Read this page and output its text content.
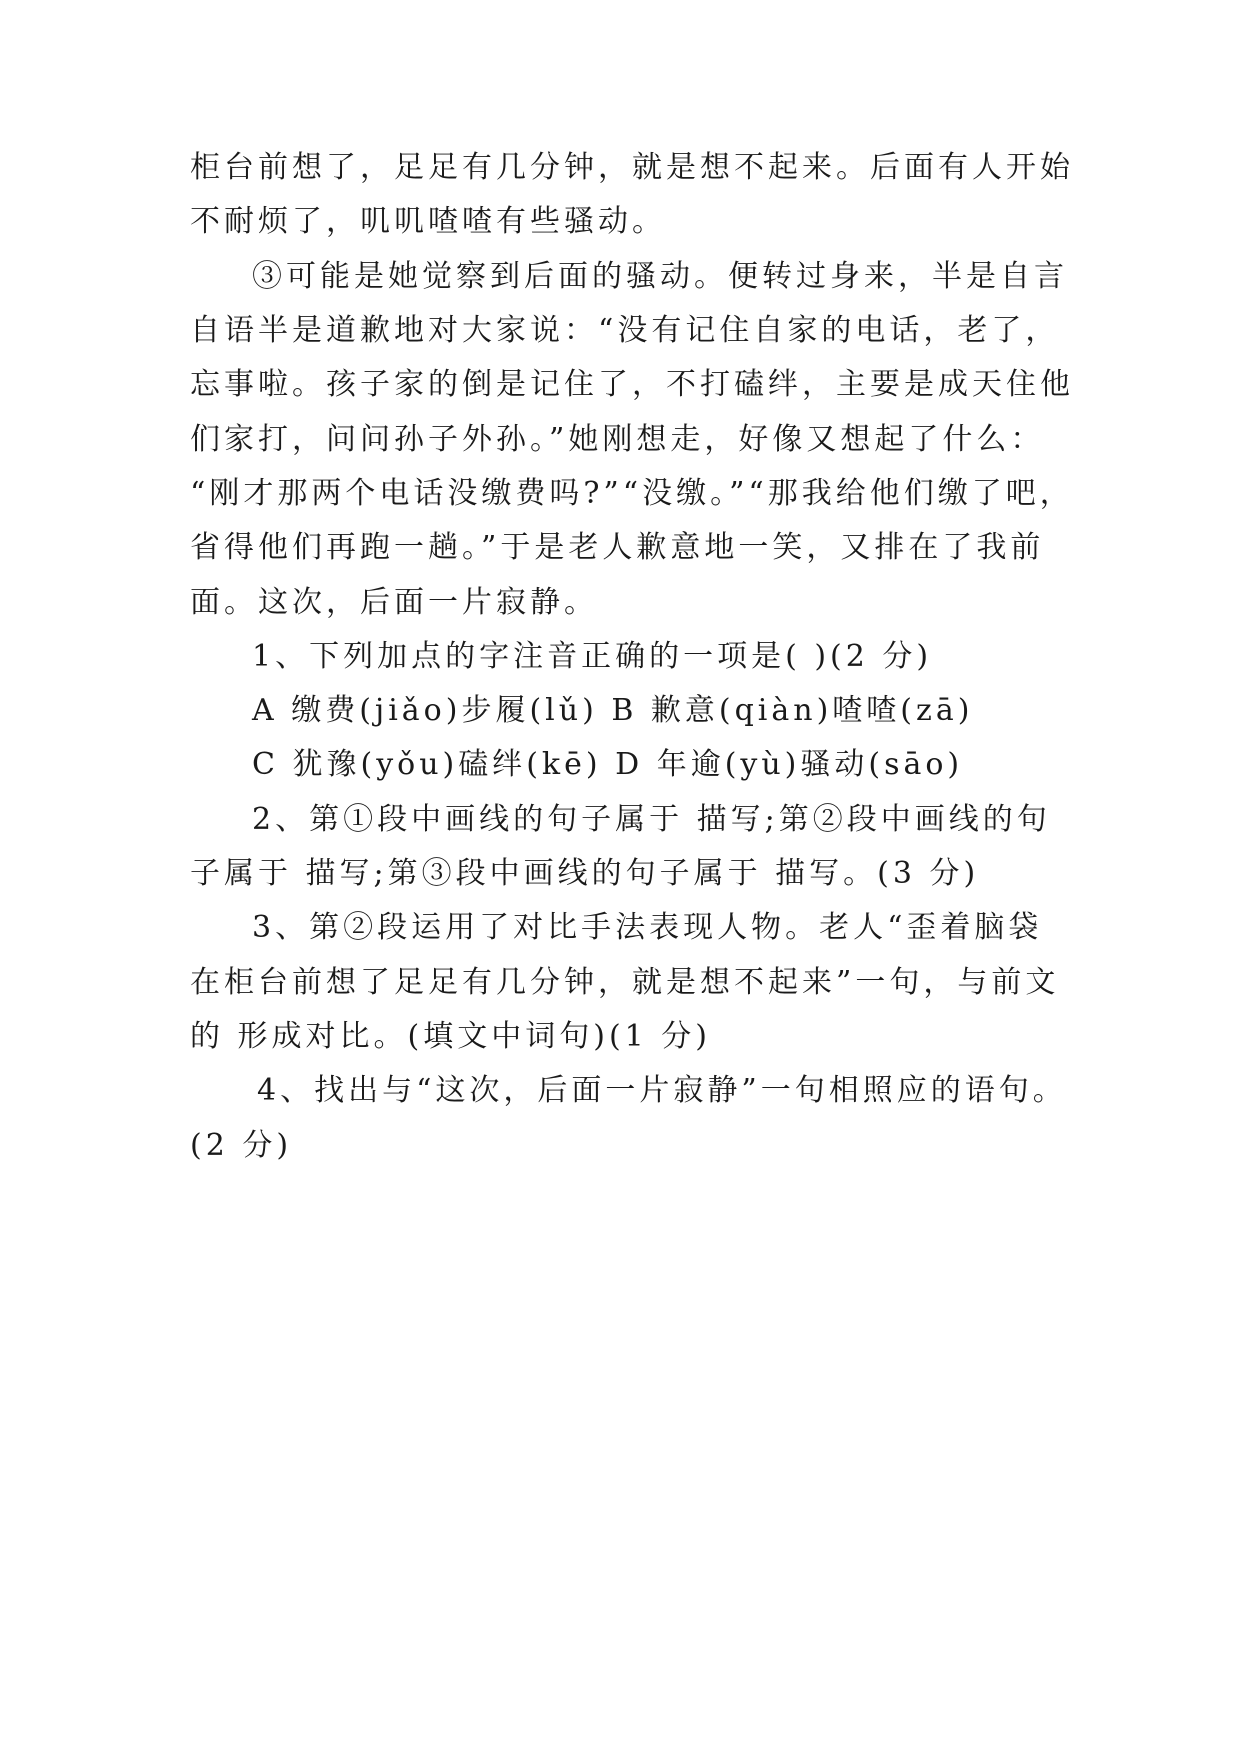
柜台前想了，足足有几分钟，就是想不起来。后面有人开始
不耐烦了，叽叽喳喳有些骚动。
③可能是她觉察到后面的骚动。便转过身来，半是自言
自语半是道歉地对大家说：“没有记住自家的电话，老了，
忘事啦。孩子家的倒是记住了，不打磕绊，主要是成天住他
们家打，问问孙子外孙。”她刚想走，好像又想起了什么：
“刚才那两个电话没缴费吗?”“没缴。”“那我给他们缴了吧，
省得他们再跑一趟。”于是老人歉意地一笑，又排在了我前
面。这次，后面一片寂静。
1、下列加点的字注音正确的一项是( )(2 分)
A 缴费(jiǎo)步履(lǔ) B 歉意(qiàn)喳喳(zā)
C 犹豫(yǒu)磕绊(kē) D 年逾(yù)骚动(sāo)
2、第①段中画线的句子属于 描写;第②段中画线的句
子属于 描写;第③段中画线的句子属于 描写。(3 分)
3、第②段运用了对比手法表现人物。老人“歪着脑袋
在柜台前想了足足有几分钟，就是想不起来”一句，与前文
的 形成对比。(填文中词句)(1 分)
4、找出与“这次，后面一片寂静”一句相照应的语句。
(2 分)
